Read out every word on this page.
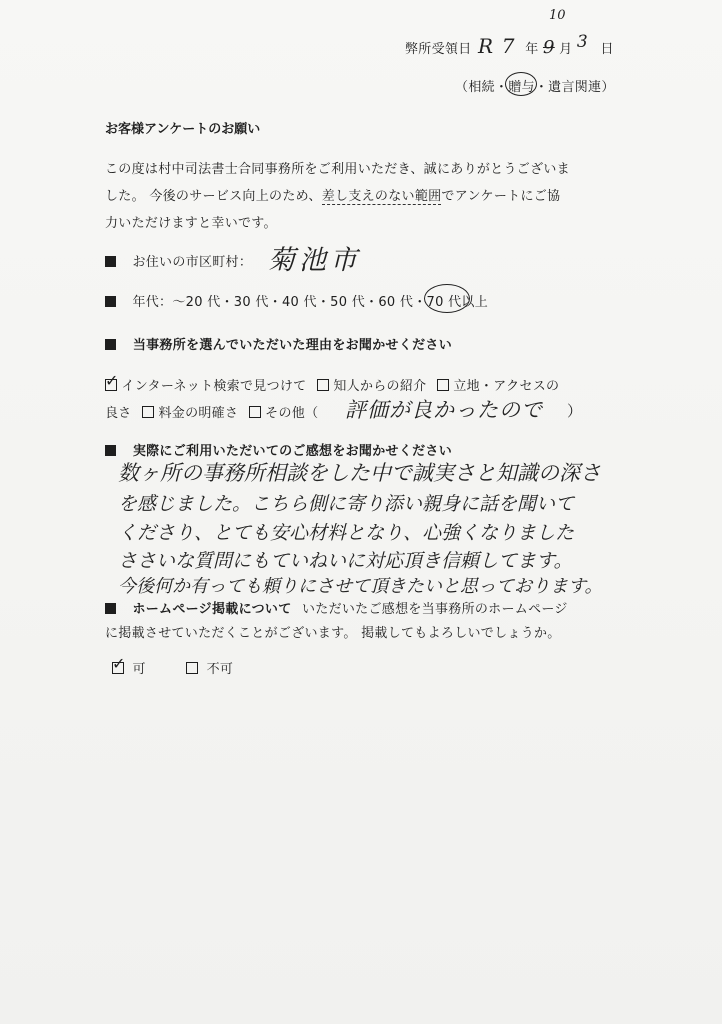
弊所受領日 R 7 年 9 月 3 日
10
（相続・贈与・遺言関連）
お客様アンケートのお願い
この度は村中司法書士合同事務所をご利用いただき、誠にありがとうございま
した。 今後のサービス向上のため、差し支えのない範囲でアンケートにご協
力いただけますと幸いです。
お住いの市区町村： 菊池市
年代：～20 代・30 代・40 代・50 代・60 代・70 代以上
当事務所を選んでいただいた理由をお聞かせください
✓ インターネット検索で見つけて 知人からの紹介 立地・アクセスの
良さ 料金の明確さ その他（ 評価が良かったので ）
実際にご利用いただいてのご感想をお聞かせください
数ヶ所の事務所相談をした中で誠実さと知識の深さ
を感じました。こちら側に寄り添い親身に話を聞いて
くださり、とても安心材料となり、心強くなりました
ささいな質問にもていねいに対応頂き信頼してます。
今後何か有っても頼りにさせて頂きたいと思っております。
ホームページ掲載について いただいたご感想を当事務所のホームページ
に掲載させていただくことがございます。 掲載してもよろしいでしょうか。
✓ 可	不可
